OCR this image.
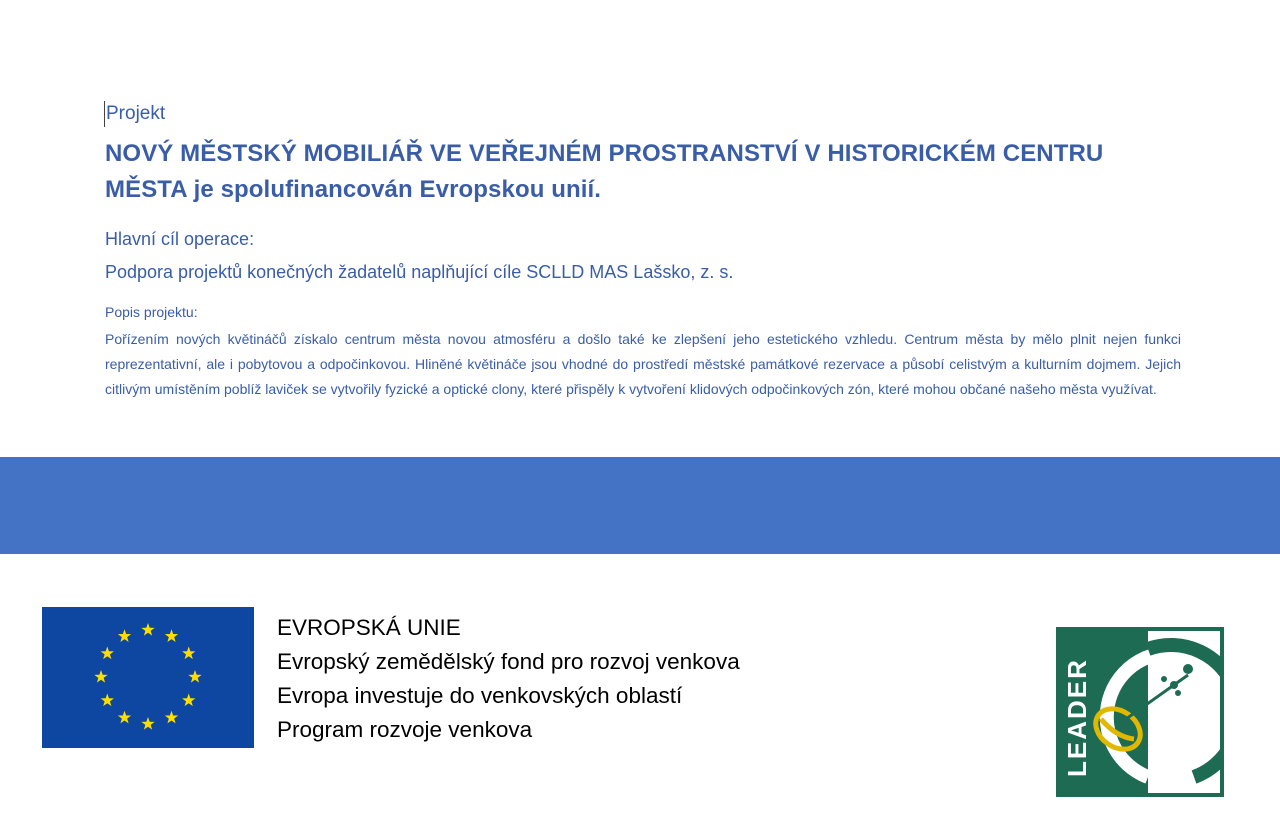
Projekt
NOVÝ MĚSTSKÝ MOBILIÁŘ VE VEŘEJNÉM PROSTRANSTVÍ V HISTORICKÉM CENTRU MĚSTA je spolufinancován Evropskou unií.
Hlavní cíl operace:
Podpora projektů konečných žadatelů naplňující cíle SCLLD MAS Lašsko, z. s.
Popis projektu:
Pořízením nových květináčů získalo centrum města novou atmosféru a došlo také ke zlepšení jeho estetického vzhledu. Centrum města by mělo plnit nejen funkci reprezentativní, ale i pobytovou a odpočinkovou. Hliněné květináče jsou vhodné do prostředí městské památkové rezervace a působí celistvým a kulturním dojmem. Jejich citlivým umístěním poblíž laviček se vytvořily fyzické a optické clony, které přispěly k vytvoření klidových odpočinkových zón, které mohou občané našeho města využívat.
EVROPSKÁ UNIE
Evropský zemědělský fond pro rozvoj venkova
Evropa investuje do venkovských oblastí
Program rozvoje venkova	LEADER
